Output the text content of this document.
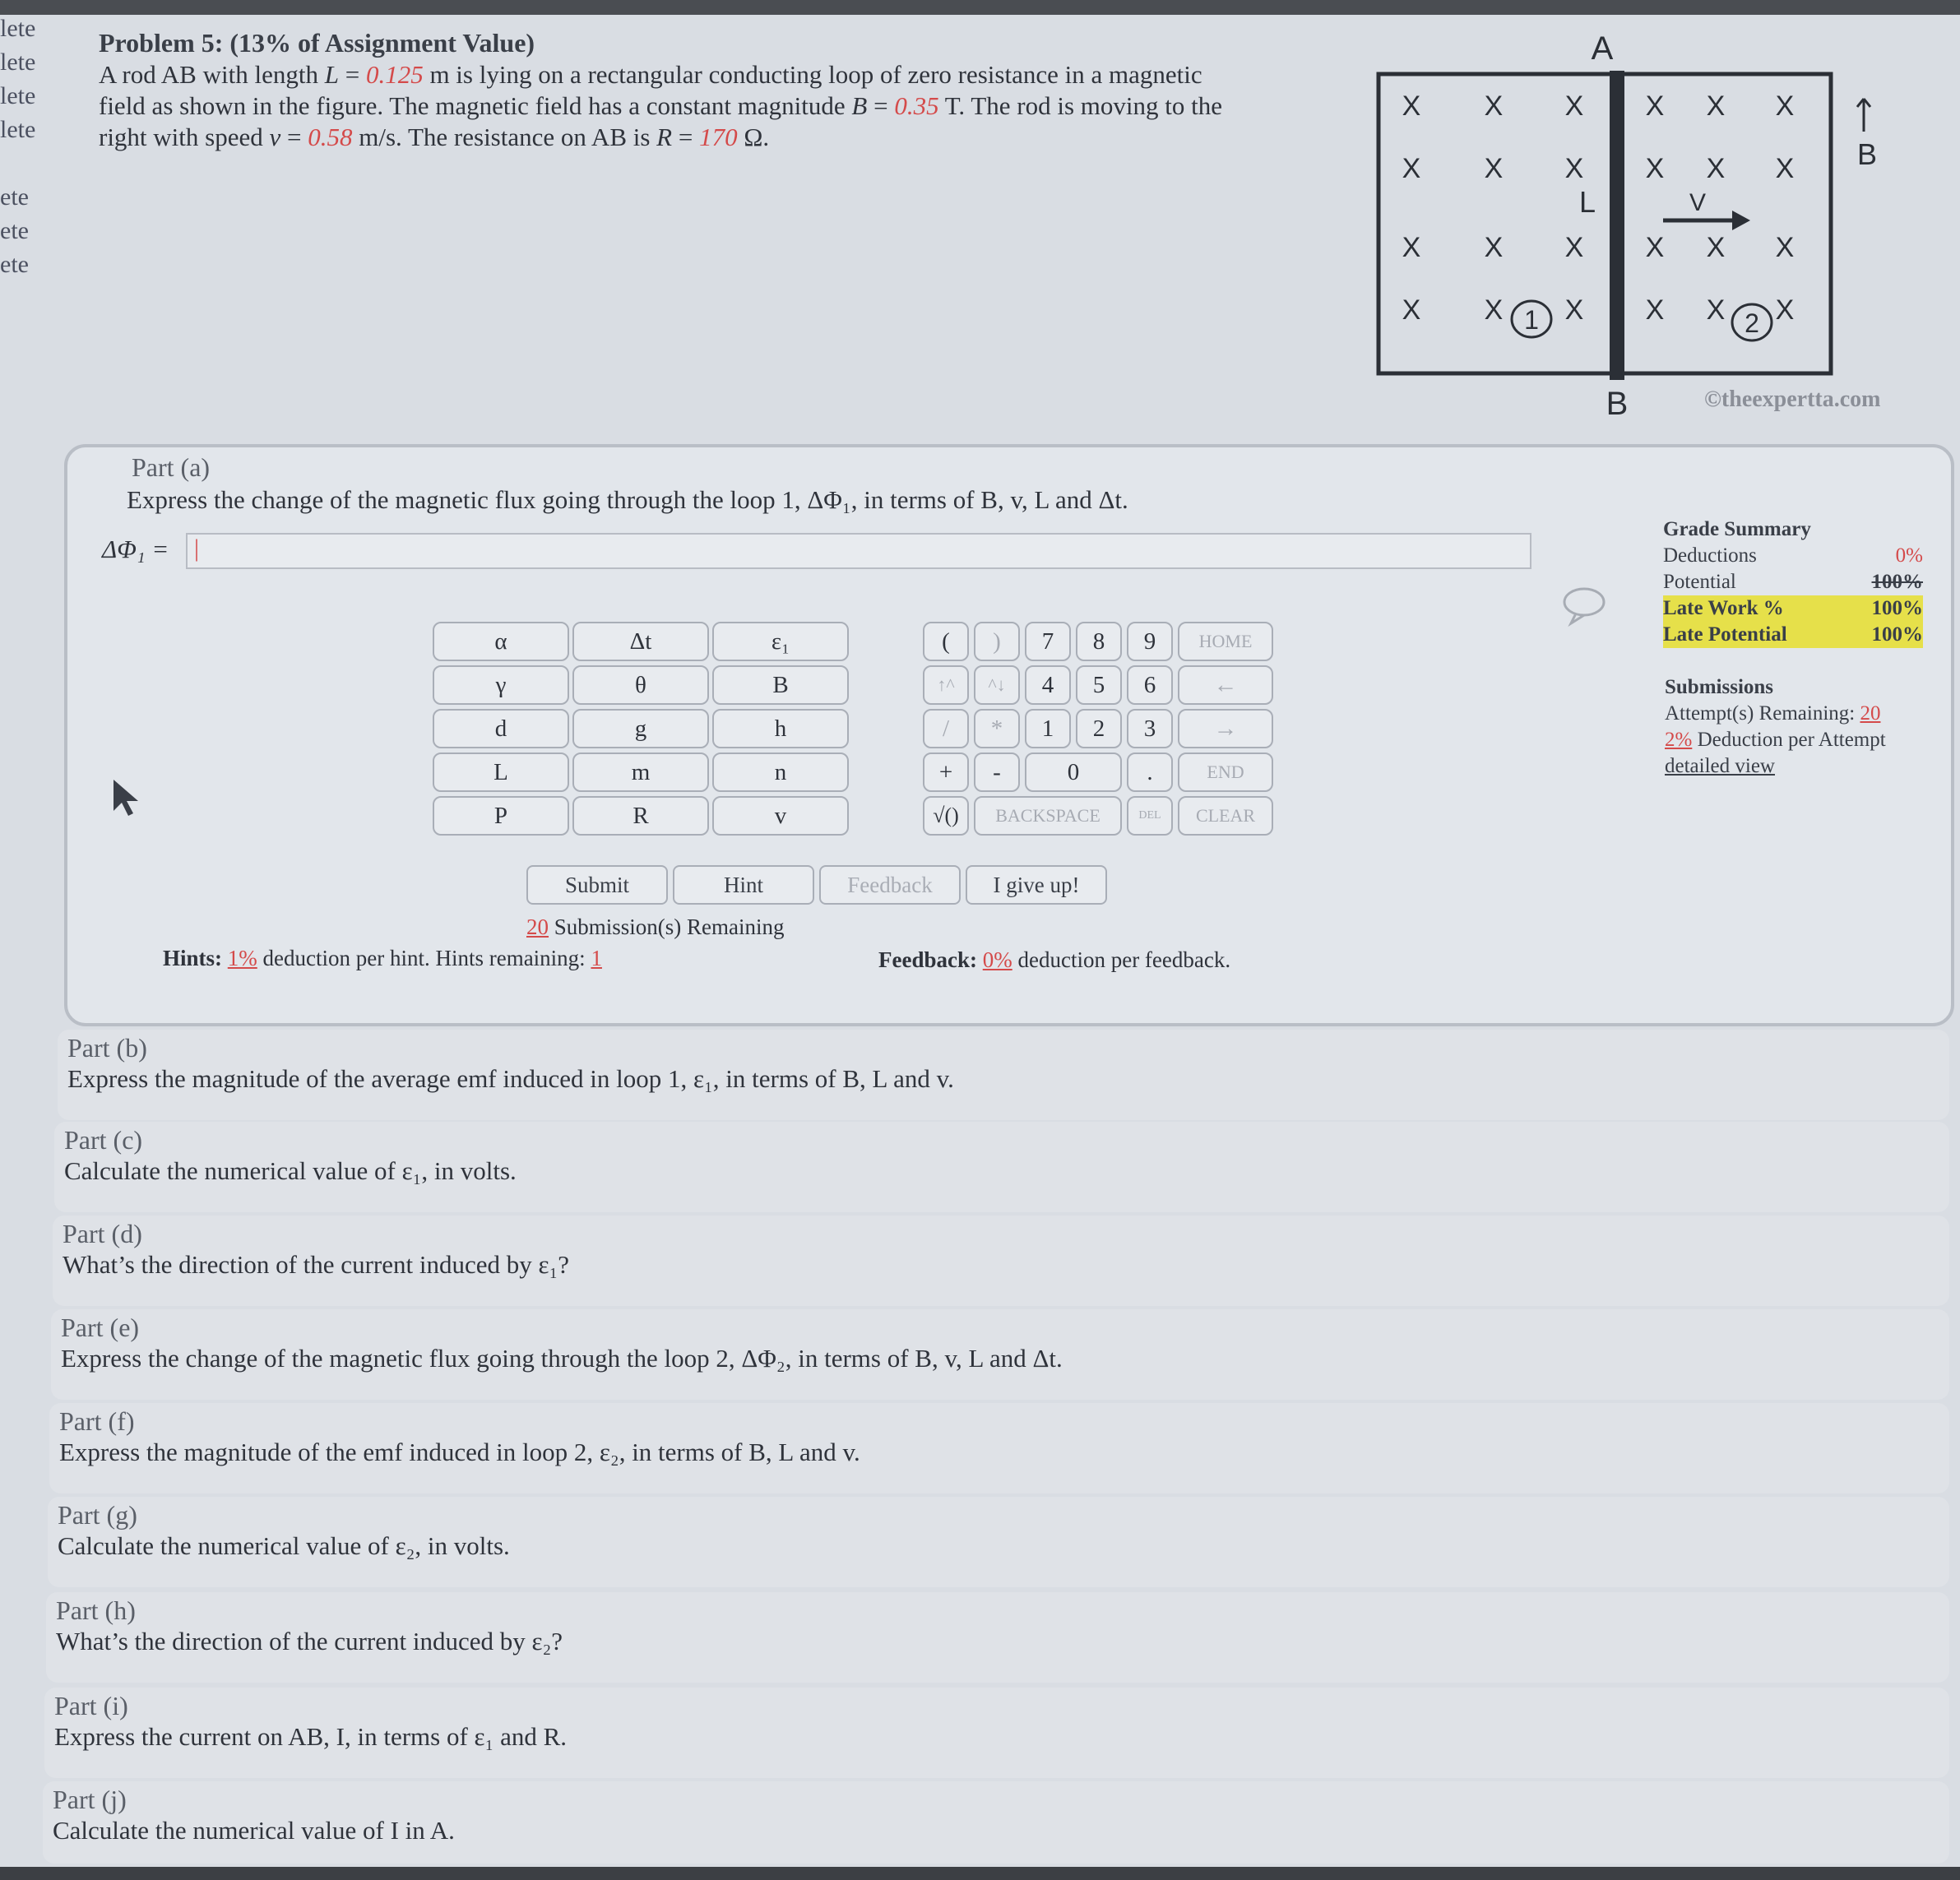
lete
lete
lete
lete
ete
ete
ete
Problem 5: (13% of Assignment Value)
A rod AB with length L = 0.125 m is lying on a rectangular conducting loop of zero resistance in a magnetic
field as shown in the figure. The magnetic field has a constant magnitude B = 0.35 T. The rod is moving to the
right with speed v = 0.58 m/s. The resistance on AB is R = 170 Ω.
A
B
L	V
B
X X X X X X
X X X X X X
X X X X X X
X X X X X X
1	2
©theexpertta.com
Part (a)
Express the change of the magnetic flux going through the loop 1, ΔΦ₁, in terms of B, v, L and Δt.
ΔΦ₁ =	|
α	Δt	ε₁
γ	θ	B
d	g	h
L	m	n
P	R	v
(	)	7	8	9	HOME
↑^	^↓	4	5	6	←
/	*	1	2	3	→
+	-	0	.	END
√()	BACKSPACE	DEL	CLEAR
Submit	Hint	Feedback	I give up!
20 Submission(s) Remaining
Hints: 1% deduction per hint. Hints remaining: 1	Feedback: 0% deduction per feedback.
Grade Summary
Deductions	0%
Potential	100%
Late Work %	100%
Late Potential	100%
Submissions
Attempt(s) Remaining: 20
2% Deduction per Attempt
detailed view
Part (b)
Express the magnitude of the average emf induced in loop 1, ε₁, in terms of B, L and v.
Part (c)
Calculate the numerical value of ε₁, in volts.
Part (d)
What’s the direction of the current induced by ε₁?
Part (e)
Express the change of the magnetic flux going through the loop 2, ΔΦ₂, in terms of B, v, L and Δt.
Part (f)
Express the magnitude of the emf induced in loop 2, ε₂, in terms of B, L and v.
Part (g)
Calculate the numerical value of ε₂, in volts.
Part (h)
What’s the direction of the current induced by ε₂?
Part (i)
Express the current on AB, I, in terms of ε₁ and R.
Part (j)
Calculate the numerical value of I in A.
